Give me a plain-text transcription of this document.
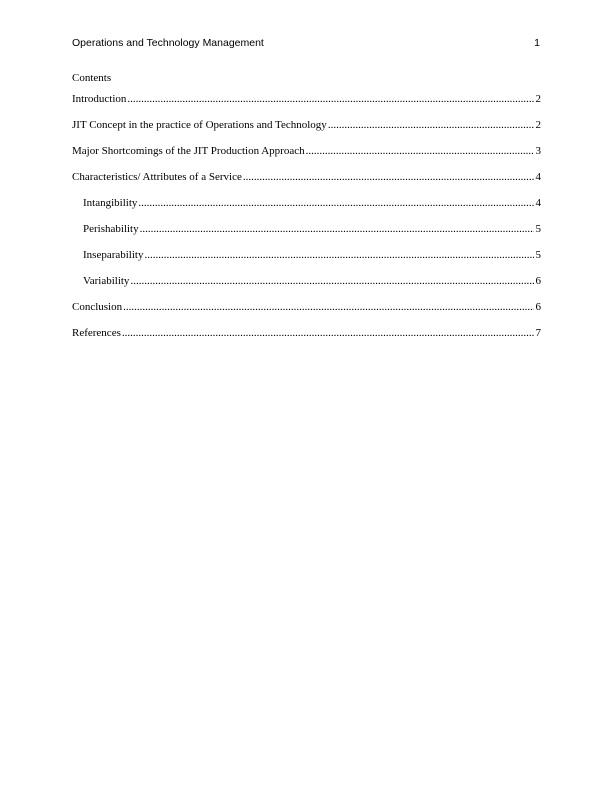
Operations and Technology Management	1
Contents
Introduction .....	2
JIT Concept in the practice of Operations and Technology .....	2
Major Shortcomings of the JIT Production Approach .....	3
Characteristics/ Attributes of a Service .....	4
Intangibility .....	4
Perishability .....	5
Inseparability .....	5
Variability .....	6
Conclusion .....	6
References .....	7
